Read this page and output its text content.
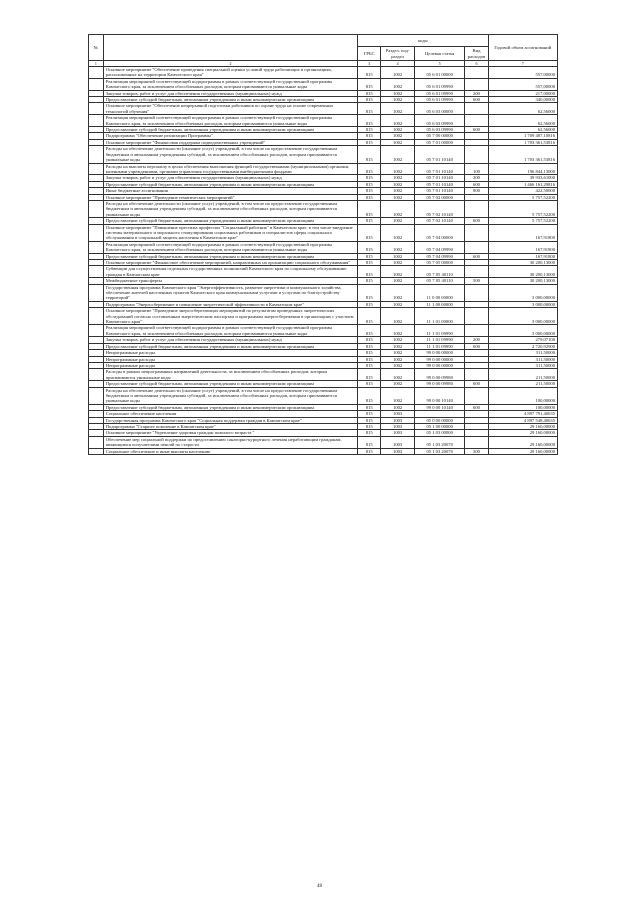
№		коды				Годовой объем ассигнований
		ГРБС	Раздел, под-раздел	Целевая статья	Вид расходов	
1	2	3	4	5	6	7
	Основное мероприятие "Обеспечение проведения специальной оценки условий труда работающих в организациях, расположенных на территории Камчатского края"	815	1002	05 6 01 00000		557,00000
	Реализация мероприятий соответствующей подпрограммы в рамках соответствующей государственной программы Камчатского края, за исключением обособленных расходов, которым присваиваются уникальные коды	815	1002	05 6 01 09990		557,00000
	Закупка товаров, работ и услуг для обеспечения государственных (муниципальных) нужд	815	1002	05 6 01 09990	200	217,00000
	Предоставление субсидий бюджетным, автономным учреждениям и иным некоммерческим организациям	815	1002	05 6 01 09990	600	340,00000
	Основное мероприятие "Обеспечение непрерывной подготовки работников по охране труда на основе современных технологий обучения"	815	1002	05 6 03 00000		62,56000
	Реализация мероприятий соответствующей подпрограммы в рамках соответствующей государственной программы Камчатского края, за исключением обособленных расходов, которым присваиваются уникальные коды	815	1002	05 6 03 09990		62,56000
	Предоставление субсидий бюджетным, автономным учреждениям и иным некоммерческим организациям	815	1002	05 6 03 09990	600	62,56000
	Подпрограмма "Обеспечение реализации Программы"	815	1002	05 7 00 00000		1 709 487,10816
	Основное мероприятие "Финансовая поддержка подведомственных учреждений"	815	1002	05 7 01 00000		1 703 361,53816
	Расходы на обеспечение деятельности (оказание услуг) учреждений, в том числе на предоставление государственным бюджетным и автономным учреждениям субсидий, за исключением обособленных расходов, которым присваиваются уникальные коды	815	1002	05 7 01 10140		1 703 361,53816
	Расходы на выплаты персоналу в целях обеспечения выполнения функций государственными (муниципальными) органами, казенными учреждениями, органами управления государственными внебюджетными фондами	815	1002	05 7 01 10140	100	196 844,13000
	Закупка товаров, работ и услуг для обеспечения государственных (муниципальных) нужд	815	1002	05 7 01 10140	200	39 933,61000
	Предоставление субсидий бюджетным, автономным учреждениям и иным некоммерческим организациям	815	1002	05 7 01 10140	600	1 466 161,29816
	Иные бюджетные ассигнования	815	1002	05 7 01 10140	800	422,50000
	Основное мероприятие "Проведение тематических мероприятий"	815	1002	05 7 02 00000		5 757,52200
	Расходы на обеспечение деятельности (оказание услуг) учреждений, в том числе на предоставление государственным бюджетным и автономным учреждениям субсидий, за исключением обособленных расходов, которым присваиваются уникальные коды	815	1002	05 7 02 10140		5 757,52200
	Предоставление субсидий бюджетным, автономным учреждениям и иным некоммерческим организациям	815	1002	05 7 02 10140	600	5 757,52200
	Основное мероприятие "Повышение престижа профессии "Социальный работник" в Камчатском крае, в том числе внедрение системы материального и морального стимулирования социальных работников и специалистов сферы социального обслуживания и социальной защиты населения в Камчатском крае"	815	1002	05 7 04 00000		167,91800
	Реализация мероприятий соответствующей подпрограммы в рамках соответствующей государственной программы Камчатского края, за исключением обособленных расходов, которым присваиваются уникальные коды	815	1002	05 7 04 09990		167,91800
	Предоставление субсидий бюджетным, автономным учреждениям и иным некоммерческим организациям	815	1002	05 7 04 09990	600	167,91800
	Основное мероприятие "Финансовое обеспечение мероприятий, направленных на организацию социального обслуживания"	815	1002	05 7 05 00000		30 200,13000
	Субвенции для осуществления отдельных государственных полномочий Камчатского края по социальному обслуживанию граждан в Камчатском крае	815	1002	05 7 05 40110		30 200,13000
	Межбюджетные трансферты	815	1002	05 7 05 40110	500	30 200,13000
	Государственная программа Камчатского края "Энергоэффективность, развитие энергетики и коммунального хозяйства, обеспечение жителей населенных пунктов Камчатского края коммунальными услугами и услугами по благоустройству территорий"	815	1002	11 0 00 00000		3 000,00000
	Подпрограмма "Энергосбережение и повышение энергетической эффективности в Камчатском крае"	815	1002	11 1 00 00000		3 000,00000
	Основное мероприятие "Проведение энергосберегающих мероприятий по результатам проведенных энергетических обследований согласно составленным энергетическим паспортам и программам энергосбережения в организациях с участием Камчатского края"	815	1002	11 1 01 00000		3 000,00000
	Реализация мероприятий соответствующей подпрограммы в рамках соответствующей государственной программы Камчатского края, за исключением обособленных расходов, которым присваиваются уникальные коды	815	1002	11 1 01 09990		3 000,00000
	Закупка товаров, работ и услуг для обеспечения государственных (муниципальных) нужд	815	1002	11 1 01 09990	200	279,07100
	Предоставление субсидий бюджетным, автономным учреждениям и иным некоммерческим организациям	815	1002	11 1 01 09990	600	2 720,92900
	Непрограммные расходы	815	1002	99 0 00 00000		311,50000
	Непрограммные расходы	815	1002	99 0 00 00000		311,50000
	Непрограммные расходы	815	1002	99 0 00 00000		311,50000
	Расходы в рамках непрограммных направлений деятельности, за исключением обособленных расходов, которым присваиваются уникальные коды	815	1002	99 0 00 09980		211,50000
	Предоставление субсидий бюджетным, автономным учреждениям и иным некоммерческим организациям	815	1002	99 0 00 09980	600	211,50000
	Расходы на обеспечение деятельности (оказание услуг) учреждений, в том числе на предоставление государственным бюджетным и автономным учреждениям субсидий, за исключением обособленных расходов, которым присваиваются уникальные коды	815	1002	99 0 00 10140		100,00000
	Предоставление субсидий бюджетным, автономным учреждениям и иным некоммерческим организациям	815	1002	99 0 00 10140	600	100,00000
	Социальное обеспечение населения	815	1003			4 897 791,40635
	Государственная программа Камчатского края "Социальная поддержка граждан в Камчатском крае"	815	1003	05 0 00 00000		4 897 548,40635
	Подпрограмма "Старшее поколение в Камчатском крае"	815	1003	05 1 00 00000		29 160,00000
	Основное мероприятие "Укрепление здоровья граждан пожилого возраста "	815	1003	05 1 03 00000		29 160,00000
	Обеспечение мер социальной поддержки по предоставлению санаторно-курортного лечения неработающим гражданам, являющимся получателями пенсий по старости	815	1003	05 1 03 20070		29 160,00000
	Социальное обеспечение и иные выплаты населению	815	1003	05 1 03 20070	300	29 160,00000
48
